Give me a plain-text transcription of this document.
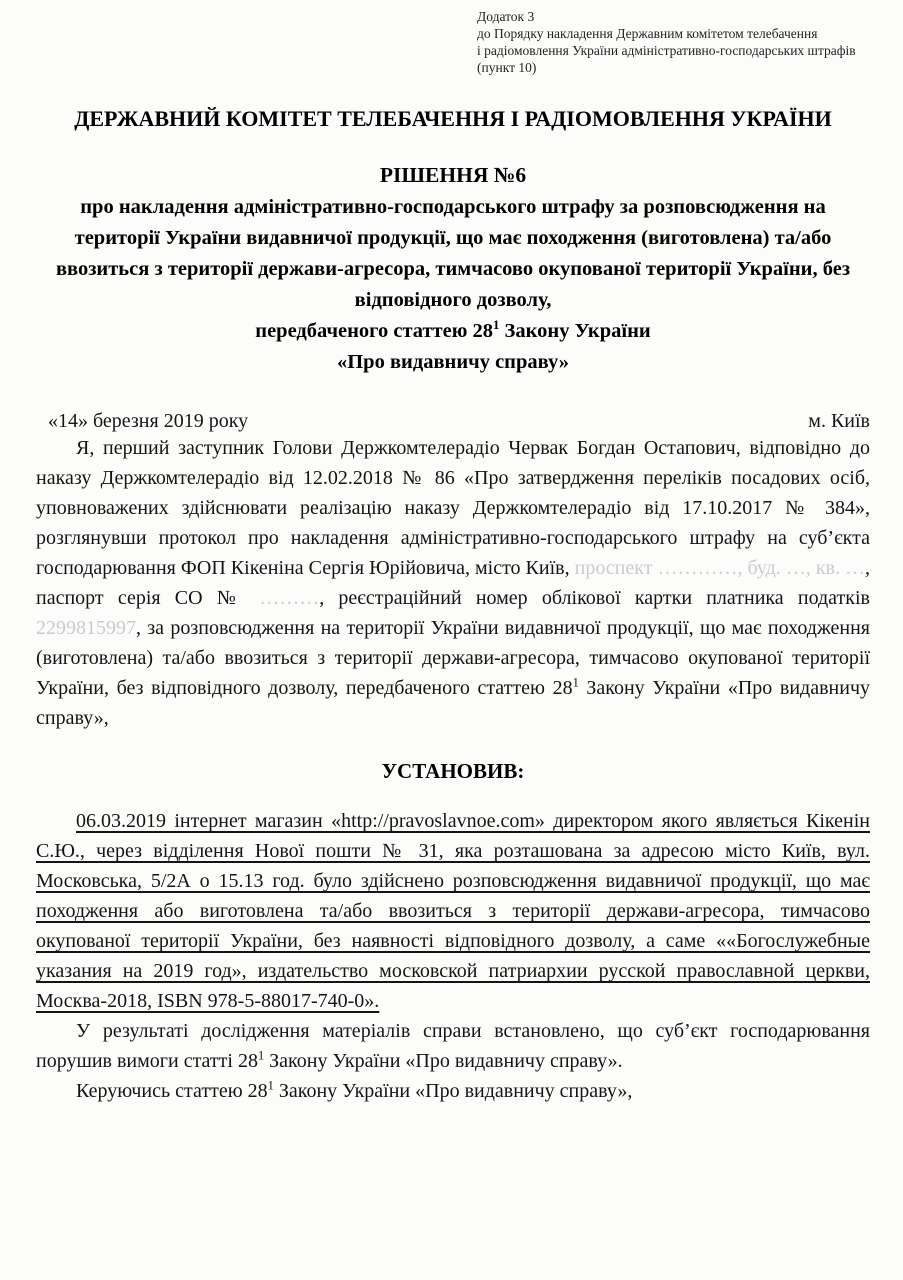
Додаток 3
до Порядку накладення Державним комітетом телебачення
і радіомовлення України адміністративно-господарських штрафів
(пункт 10)
ДЕРЖАВНИЙ КОМІТЕТ ТЕЛЕБАЧЕННЯ І РАДІОМОВЛЕННЯ УКРАЇНИ
РІШЕННЯ №6
про накладення адміністративно-господарського штрафу за розповсюдження на території України видавничої продукції, що має походження (виготовлена) та/або ввозиться з території держави-агресора, тимчасово окупованої території України, без відповідного дозволу,
передбаченого статтею $28^1$ Закону України
«Про видавничу справу»
«14» березня 2019 року	м. Київ

Я, перший заступник Голови Держкомтелерадіо Червак Богдан Остапович, відповідно до наказу Держкомтелерадіо від 12.02.2018 № 86 «Про затвердження переліків посадових осіб, уповноважених здійснювати реалізацію наказу Держкомтелерадіо від 17.10.2017 № 384», розглянувши протокол про накладення адміністративно-господарського штрафу на суб’єкта господарювання ФОП Кікеніна Сергія Юрійовича, місто Київ, проспект …………, буд. …, кв. …, паспорт серія СО № ………, реєстраційний номер облікової картки платника податків 2299815997, за розповсюдження на території України видавничої продукції, що має походження (виготовлена) та/або ввозиться з території держави-агресора, тимчасово окупованої території України, без відповідного дозволу, передбаченого статтею $28^1$ Закону України «Про видавничу справу»,

УСТАНОВИВ:

06.03.2019 інтернет магазин «http://pravoslavnoe.com» директором якого являється Кікенін С.Ю., через відділення Нової пошти № 31, яка розташована за адресою місто Київ, вул. Московська, 5/2А о 15.13 год. було здійснено розповсюдження видавничої продукції, що має походження або виготовлена та/або ввозиться з території держави-агресора, тимчасово окупованої території України, без наявності відповідного дозволу, а саме ««Богослужебные указания на 2019 год», издательство московской патриархии русской православной церкви, Москва-2018, ISBN 978-5-88017-740-0».

У результаті дослідження матеріалів справи встановлено, що суб’єкт господарювання порушив вимоги статті $28^1$ Закону України «Про видавничу справу».

Керуючись статтею $28^1$ Закону України «Про видавничу справу»,
